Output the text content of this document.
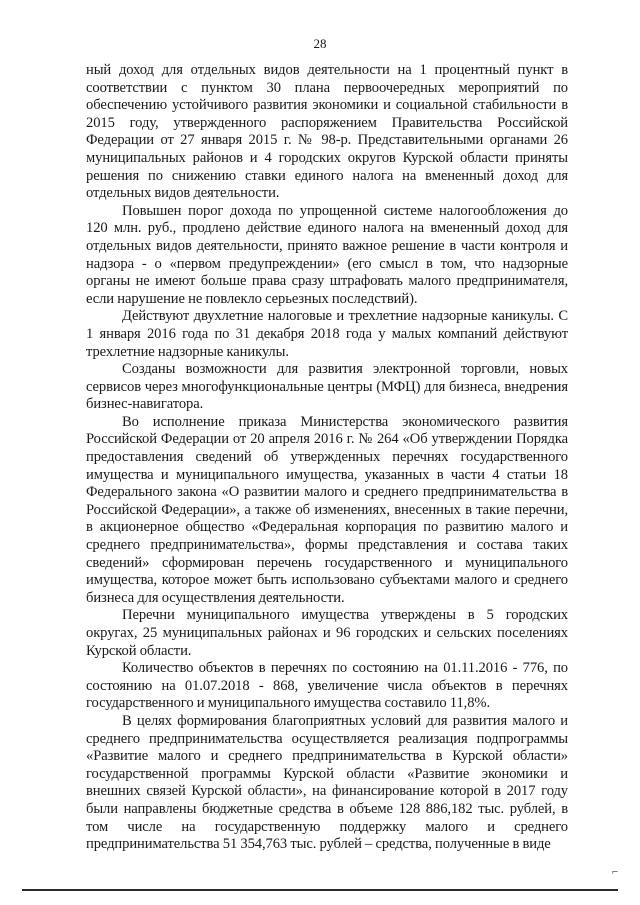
28

ный доход для отдельных видов деятельности на 1 процентный пункт в соответствии с пунктом 30 плана первоочередных мероприятий по обеспечению устойчивого развития экономики и социальной стабильности в 2015 году, утвержденного распоряжением Правительства Российской Федерации от 27 января 2015 г. № 98-р. Представительными органами 26 муниципальных районов и 4 городских округов Курской области приняты решения по снижению ставки единого налога на вмененный доход для отдельных видов деятельности.

Повышен порог дохода по упрощенной системе налогообложения до 120 млн. руб., продлено действие единого налога на вмененный доход для отдельных видов деятельности, принято важное решение в части контроля и надзора - о «первом предупреждении» (его смысл в том, что надзорные органы не имеют больше права сразу штрафовать малого предпринимателя, если нарушение не повлекло серьезных последствий).

Действуют двухлетние налоговые и трехлетние надзорные каникулы. С 1 января 2016 года по 31 декабря 2018 года у малых компаний действуют трехлетние надзорные каникулы.

Созданы возможности для развития электронной торговли, новых сервисов через многофункциональные центры (МФЦ) для бизнеса, внедрения бизнес-навигатора.

Во исполнение приказа Министерства экономического развития Российской Федерации от 20 апреля 2016 г. № 264 «Об утверждении Порядка предоставления сведений об утвержденных перечнях государственного имущества и муниципального имущества, указанных в части 4 статьи 18 Федерального закона «О развитии малого и среднего предпринимательства в Российской Федерации», а также об изменениях, внесенных в такие перечни, в акционерное общество «Федеральная корпорация по развитию малого и среднего предпринимательства», формы представления и состава таких сведений» сформирован перечень государственного и муниципального имущества, которое может быть использовано субъектами малого и среднего бизнеса для осуществления деятельности.

Перечни муниципального имущества утверждены в 5 городских округах, 25 муниципальных районах и 96 городских и сельских поселениях Курской области.

Количество объектов в перечнях по состоянию на 01.11.2016 - 776, по состоянию на 01.07.2018 - 868, увеличение числа объектов в перечнях государственного и муниципального имущества составило 11,8%.

В целях формирования благоприятных условий для развития малого и среднего предпринимательства осуществляется реализация подпрограммы «Развитие малого и среднего предпринимательства в Курской области» государственной программы Курской области «Развитие экономики и внешних связей Курской области», на финансирование которой в 2017 году были направлены бюджетные средства в объеме 128 886,182 тыс. рублей, в том числе на государственную поддержку малого и среднего предпринимательства 51 354,763 тыс. рублей – средства, полученные в виде

⌐
